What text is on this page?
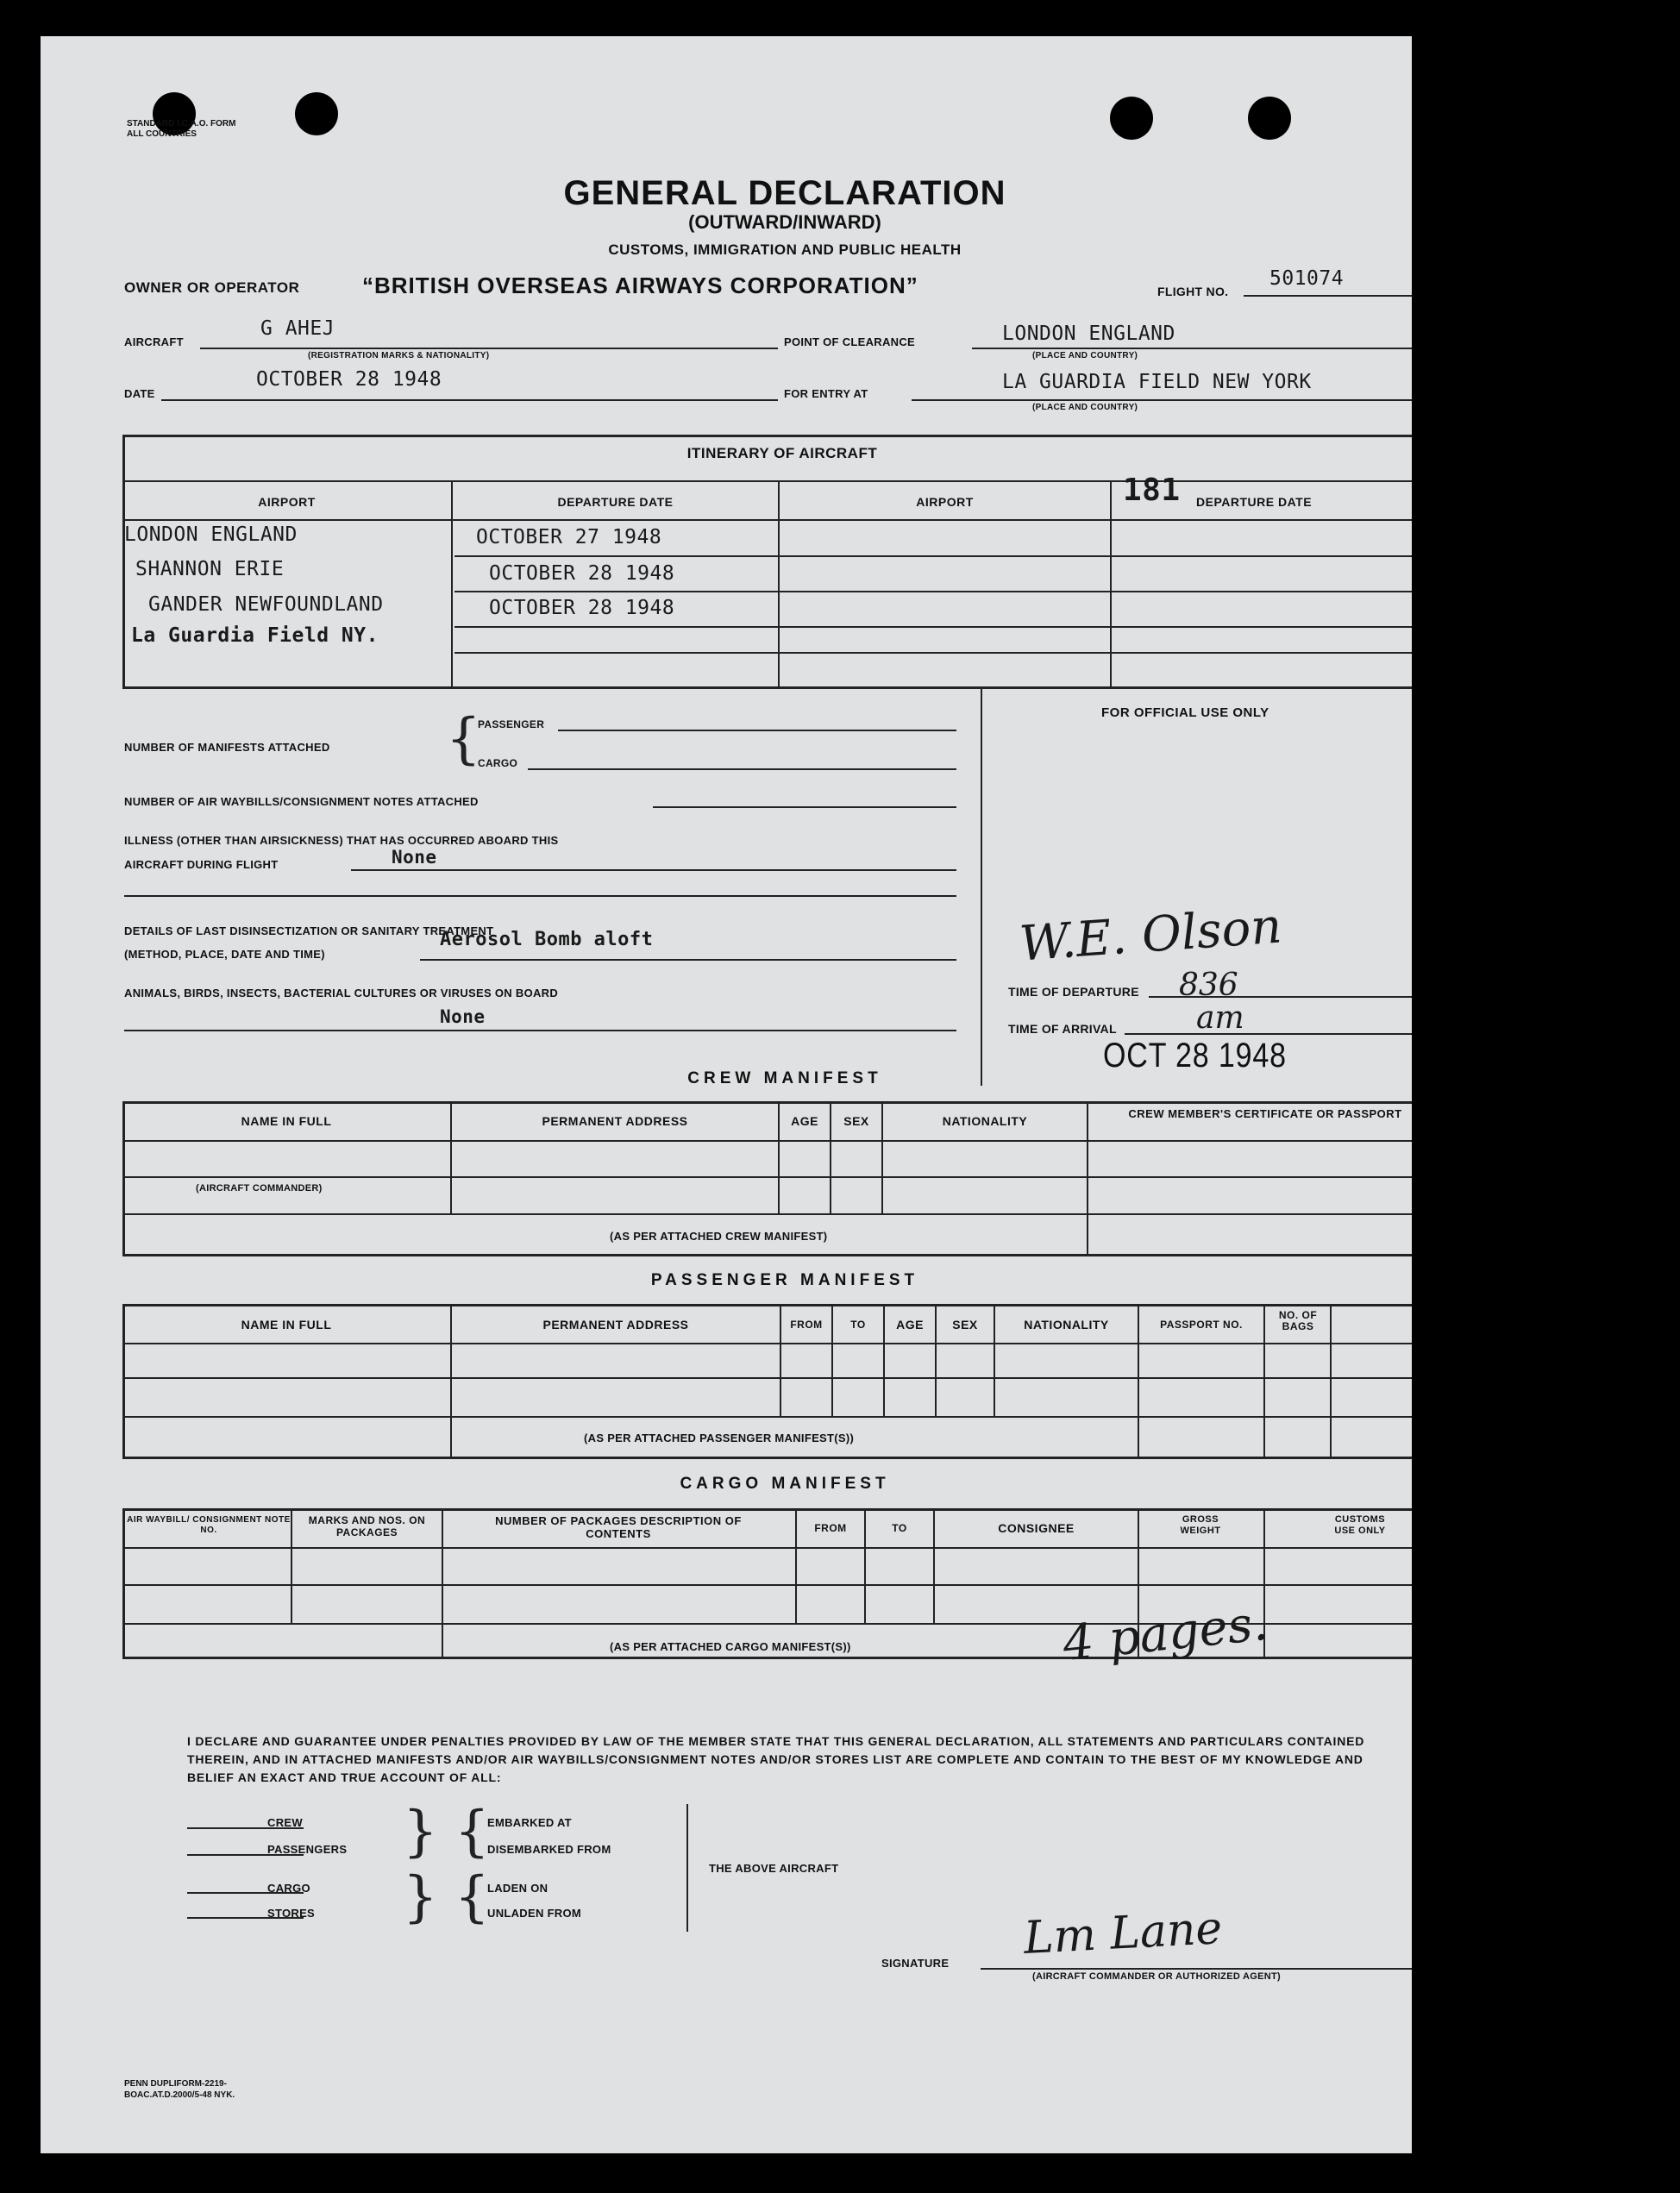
STANDARD I.C.A.O. FORM
ALL COUNTRIES
GENERAL DECLARATION
(OUTWARD/INWARD)
CUSTOMS, IMMIGRATION AND PUBLIC HEALTH
OWNER OR OPERATOR	“BRITISH OVERSEAS AIRWAYS CORPORATION”	FLIGHT NO.
501074
AIRCRAFT
G AHEJ
(REGISTRATION MARKS & NATIONALITY)
POINT OF CLEARANCE	LONDON ENGLAND
(PLACE AND COUNTRY)
DATE
OCTOBER 28 1948
FOR ENTRY AT
LA GUARDIA FIELD NEW YORK
(PLACE AND COUNTRY)
ITINERARY OF AIRCRAFT
AIRPORT	DEPARTURE DATE	AIRPORT	DEPARTURE DATE
181
LONDON ENGLAND	OCTOBER 27 1948
SHANNON ERIE	OCTOBER 28 1948
GANDER NEWFOUNDLAND	OCTOBER 28 1948
La Guardia Field NY.
FOR OFFICIAL USE ONLY
NUMBER OF MANIFESTS ATTACHED {
PASSENGER
CARGO
NUMBER OF AIR WAYBILLS/CONSIGNMENT NOTES ATTACHED
ILLNESS (OTHER THAN AIRSICKNESS) THAT HAS OCCURRED ABOARD THIS
AIRCRAFT DURING FLIGHT	None
DETAILS OF LAST DISINSECTIZATION OR SANITARY TREATMENT
(METHOD, PLACE, DATE AND TIME)
Aerosol Bomb aloft
ANIMALS, BIRDS, INSECTS, BACTERIAL CULTURES OR VIRUSES ON BOARD
None
W.E. Olson
TIME OF DEPARTURE 836
TIME OF ARRIVAL	am
OCT 28 1948
CREW MANIFEST
NAME IN FULL	PERMANENT ADDRESS	AGE	SEX	NATIONALITY
CREW MEMBER'S CERTIFICATE OR PASSPORT
(AIRCRAFT COMMANDER)
(AS PER ATTACHED CREW MANIFEST)
PASSENGER MANIFEST
NAME IN FULL	PERMANENT ADDRESS	FROM	TO	AGE	SEX	NATIONALITY	PASSPORT NO.
NO. OF BAGS
(AS PER ATTACHED PASSENGER MANIFEST(S))
CARGO MANIFEST
AIR WAYBILL/ CONSIGNMENT NOTE NO.
MARKS AND NOS. ON PACKAGES
NUMBER OF PACKAGES DESCRIPTION OF CONTENTS	FROM	TO	CONSIGNEE
GROSS WEIGHT
CUSTOMS USE ONLY
(AS PER ATTACHED CARGO MANIFEST(S))	4 pages.
I DECLARE AND GUARANTEE UNDER PENALTIES PROVIDED BY LAW OF THE MEMBER STATE THAT THIS GENERAL DECLARATION, ALL STATEMENTS AND PARTICULARS CONTAINED THEREIN, AND IN ATTACHED MANIFESTS AND/OR AIR WAYBILLS/CONSIGNMENT NOTES AND/OR STORES LIST ARE COMPLETE AND CONTAIN TO THE BEST OF MY KNOWLEDGE AND BELIEF AN EXACT AND TRUE ACCOUNT OF ALL:
CREW
PASSENGERS { {
EMBARKED AT
DISEMBARKED FROM
CARGO
STORES { {
LADEN ON
UNLADEN FROM
THE ABOVE AIRCRAFT
SIGNATURE Lm Lane
(AIRCRAFT COMMANDER OR AUTHORIZED AGENT)
PENN DUPLIFORM-2219-
BOAC.AT.D.2000/5-48 NYK.
